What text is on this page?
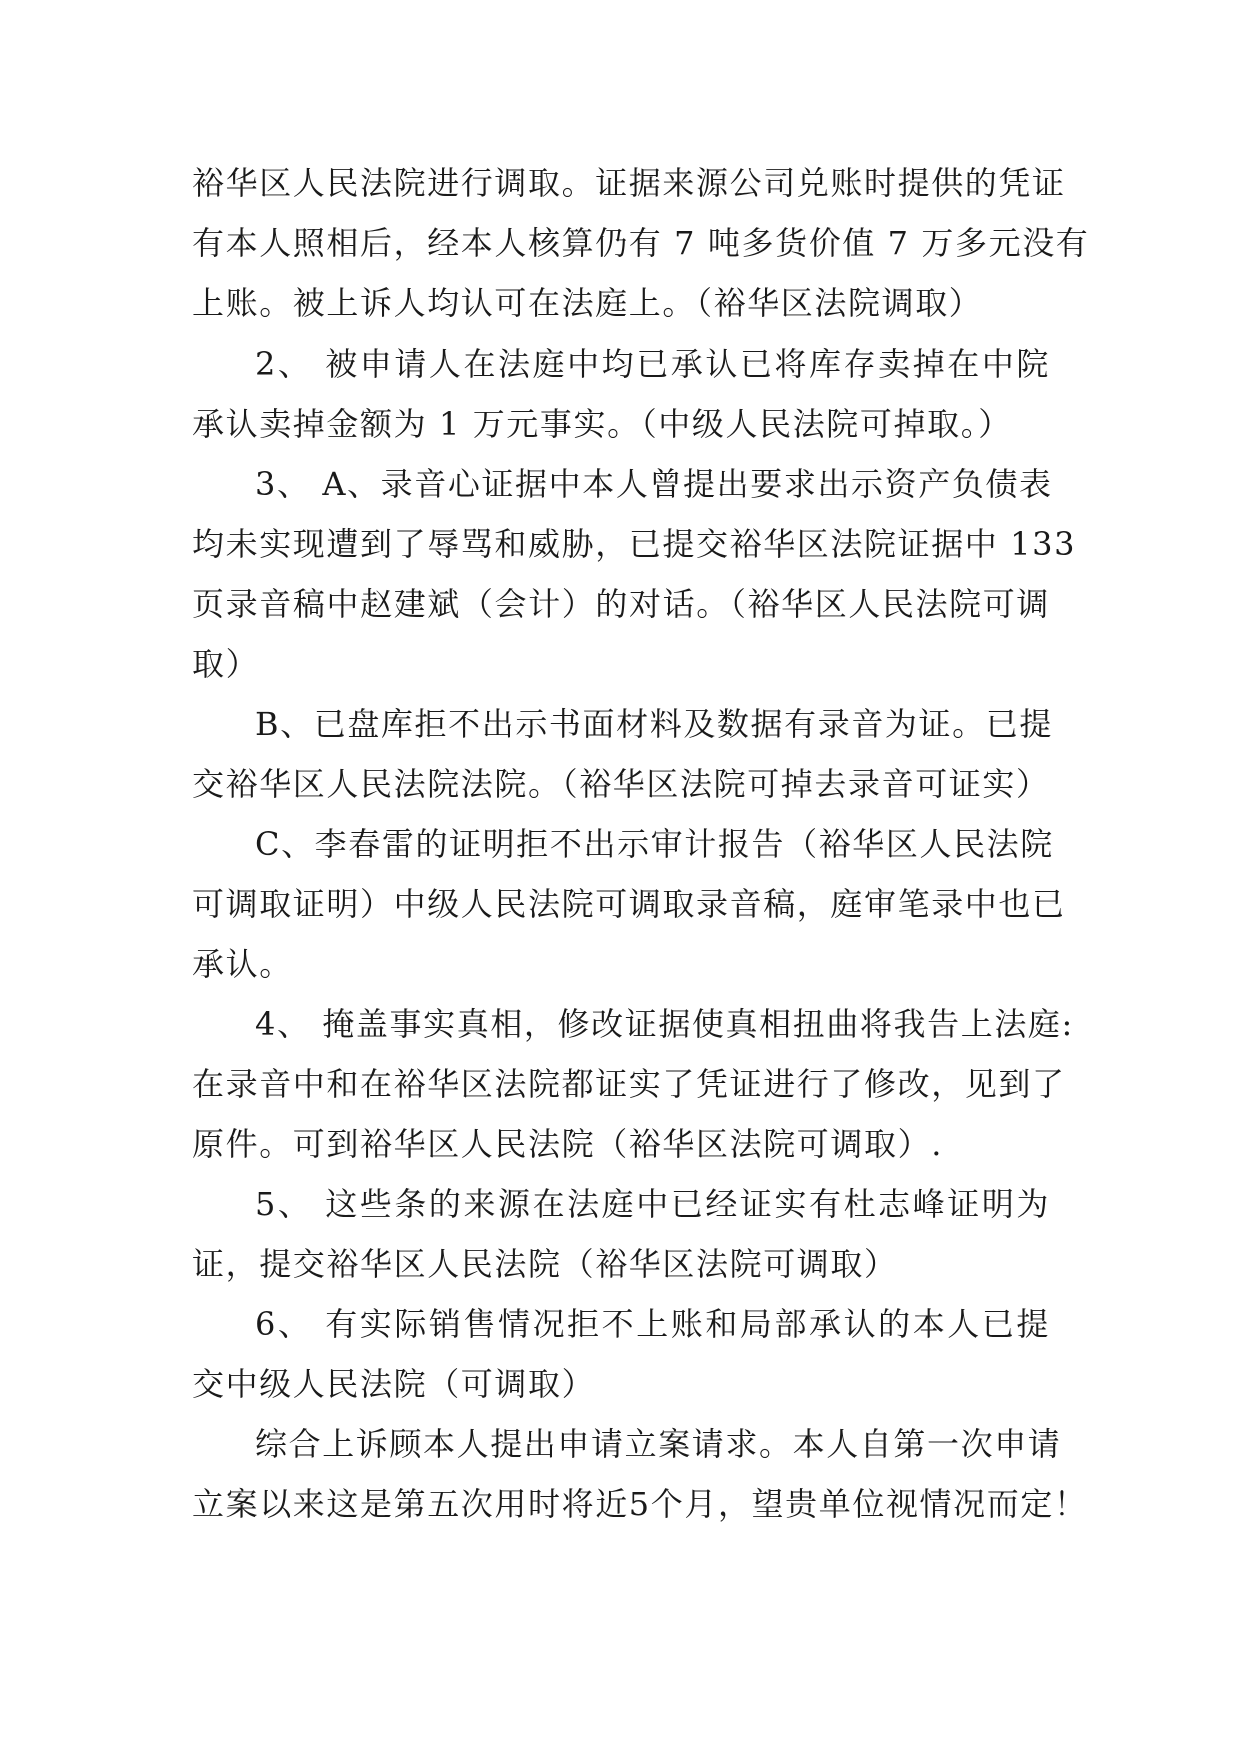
裕华区人民法院进行调取。证据来源公司兑账时提供的凭证
有本人照相后，经本人核算仍有 7 吨多货价值 7 万多元没有
上账。被上诉人均认可在法庭上。（裕华区法院调取）
2、 被申请人在法庭中均已承认已将库存卖掉在中院
承认卖掉金额为 1 万元事实。（中级人民法院可掉取。）
3、 A、录音心证据中本人曾提出要求出示资产负债表
均未实现遭到了辱骂和威胁，已提交裕华区法院证据中 133
页录音稿中赵建斌（会计）的对话。（裕华区人民法院可调
取）
B、已盘库拒不出示书面材料及数据有录音为证。已提
交裕华区人民法院法院。（裕华区法院可掉去录音可证实）
C、李春雷的证明拒不出示审计报告（裕华区人民法院
可调取证明）中级人民法院可调取录音稿，庭审笔录中也已
承认。
4、 掩盖事实真相，修改证据使真相扭曲将我告上法庭:
在录音中和在裕华区法院都证实了凭证进行了修改，见到了
原件。可到裕华区人民法院（裕华区法院可调取）.
5、 这些条的来源在法庭中已经证实有杜志峰证明为
证，提交裕华区人民法院（裕华区法院可调取）
6、 有实际销售情况拒不上账和局部承认的本人已提
交中级人民法院（可调取）
综合上诉顾本人提出申请立案请求。本人自第一次申请
立案以来这是第五次用时将近5个月，望贵单位视情况而定！
